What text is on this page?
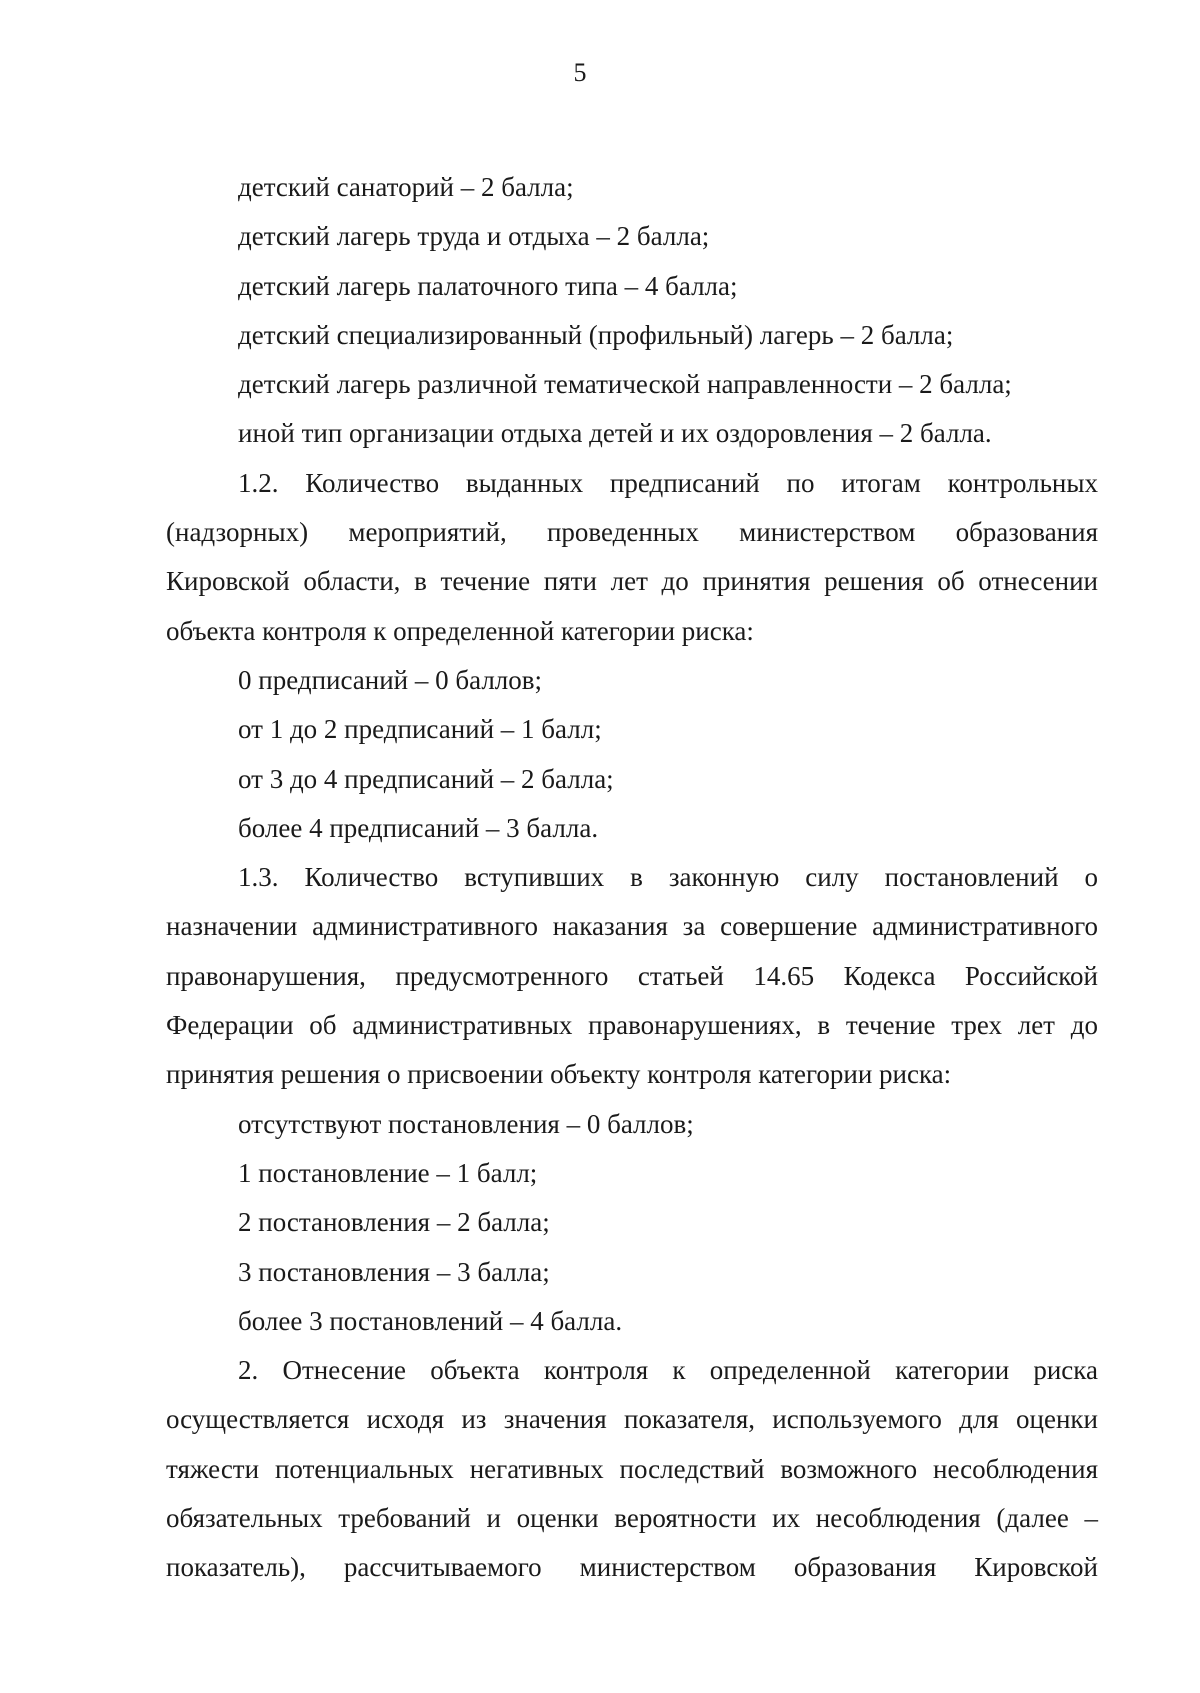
5
детский санаторий – 2 балла;
детский лагерь труда и отдыха – 2 балла;
детский лагерь палаточного типа – 4 балла;
детский специализированный (профильный) лагерь – 2 балла;
детский лагерь различной тематической направленности – 2 балла;
иной тип организации отдыха детей и их оздоровления – 2 балла.
1.2. Количество выданных предписаний по итогам контрольных
(надзорных) мероприятий, проведенных министерством образования
Кировской области, в течение пяти лет до принятия решения об отнесении
объекта контроля к определенной категории риска:
0 предписаний – 0 баллов;
от 1 до 2 предписаний – 1 балл;
от 3 до 4 предписаний – 2 балла;
более 4 предписаний – 3 балла.
1.3. Количество вступивших в законную силу постановлений о
назначении административного наказания за совершение административного
правонарушения, предусмотренного статьей 14.65 Кодекса Российской
Федерации об административных правонарушениях, в течение трех лет до
принятия решения о присвоении объекту контроля категории риска:
отсутствуют постановления – 0 баллов;
1 постановление – 1 балл;
2 постановления – 2 балла;
3 постановления – 3 балла;
более 3 постановлений – 4 балла.
2. Отнесение объекта контроля к определенной категории риска
осуществляется исходя из значения показателя, используемого для оценки
тяжести потенциальных негативных последствий возможного несоблюдения
обязательных требований и оценки вероятности их несоблюдения (далее –
показатель), рассчитываемого министерством образования Кировской
